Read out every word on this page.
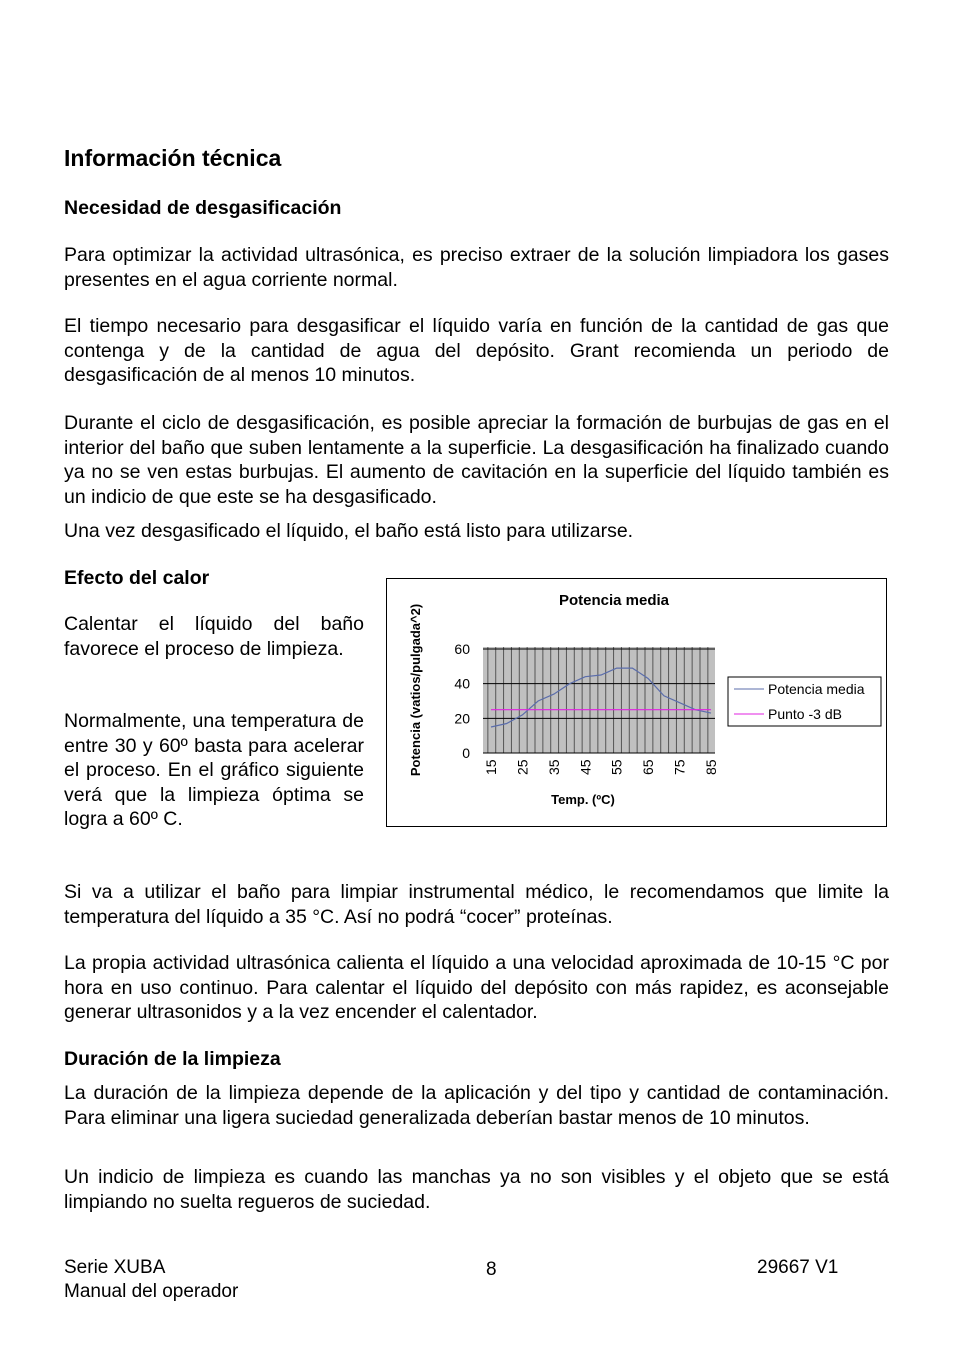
Información técnica
Necesidad de desgasificación
Para optimizar la actividad ultrasónica, es preciso extraer de la solución limpiadora los gases presentes en el agua corriente normal.
El tiempo necesario para desgasificar el líquido varía en función de la cantidad de gas que contenga y de la cantidad de agua del depósito. Grant recomienda un periodo de desgasificación de al menos 10 minutos.
Durante el ciclo de desgasificación, es posible apreciar la formación de burbujas de gas en el interior del baño que suben lentamente a la superficie. La desgasificación ha finalizado cuando ya no se ven estas burbujas. El aumento de cavitación en la superficie del líquido también es un indicio de que este se ha desgasificado.
Una vez desgasificado el líquido, el baño está listo para utilizarse.
Efecto del calor
Calentar el líquido del baño favorece el proceso de limpieza.
Normalmente, una temperatura de entre 30 y 60º basta para acelerar el proceso. En el gráfico siguiente verá que la limpieza óptima se logra a 60º C.
Potencia media
Potencia (vatios/pulgada^2)
Temp. (ºC)
0
20
40
60
15 25 35 45 55 65 75 85
Potencia media
Punto -3 dB
Si va a utilizar el baño para limpiar instrumental médico, le recomendamos que limite la temperatura del líquido a 35 °C. Así no podrá “cocer” proteínas.
La propia actividad ultrasónica calienta el líquido a una velocidad aproximada de 10-15 °C por hora en uso continuo. Para calentar el líquido del depósito con más rapidez, es aconsejable generar ultrasonidos y a la vez encender el calentador.
Duración de la limpieza
La duración de la limpieza depende de la aplicación y del tipo y cantidad de contaminación. Para eliminar una ligera suciedad generalizada deberían bastar menos de 10 minutos.
Un indicio de limpieza es cuando las manchas ya no son visibles y el objeto que se está limpiando no suelta regueros de suciedad.
Serie XUBA
Manual del operador
8	29667 V1
